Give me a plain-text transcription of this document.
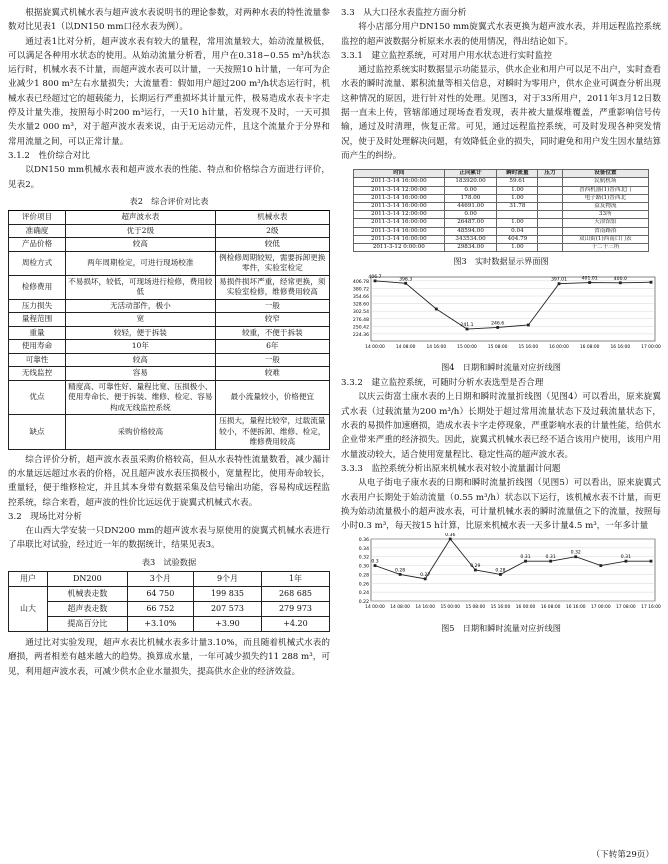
根据旋翼式机械水表与超声波水表说明书的理论参数，对两种水表的特性流量参数对比见表1（以DN150 mm口径水表为例）。

通过表1比对分析，超声波水表有较大的量程，常用流量较大，始动流量极低，可以满足各种用水状态的使用。从始动流量分析看，用户在0.318~0.55 m³/h状态运行时，机械水表不计量，而超声波水表可以计量，一天按照10 h计量，一年可为企业减少1 800 m³左右水量损失；大流量看：假如用户超过200 m³/h状态运行时，机械水表已经超过它的超载能力，长期运行严重损坏其计量元件，极易造成水表卡字走停及计量失准，按照每小时200 m³运行，一天10 h计量，若发现不及时，一天可损失水量2 000 m³，对于超声波水表来说，由于无运动元件，且这个流量介于分界和常用流量之间，可以正常计量。

3.1.2　性价综合对比

以DN150 mm机械水表和超声波水表的性能、特点和价格综合方面进行评价，见表2。

表2　综合评价对比表
评价项目	超声波水表	机械水表
准确度	优于2级	2级
产品价格	较高	较低
周检方式	两年周期检定，可进行现场校准	例检修周期较短，需要拆卸更换零件，实验室检定
检修费用	不易损坏，较低，可现场进行检修，费用较低	易损件损坏严重，经常更换，须实验室检修，维修费用较高
压力损失	无活动部件，极小	一般
量程范围	宽	较窄
重量	较轻，便于拆装	较重，不便于拆装
使用寿命	10年	6年
可靠性	较高	一般
无线监控	容易	较难
优点	精度高、可靠性好、量程比宽、压损极小、使用寿命长、便于拆装、维修、检定、容易构成无线监控系统	最小流量较小，价格便宜
缺点	采购价格较高	压损大，量程比较窄，过载流量较小，不便拆卸、维修、检定，维修费用较高

综合评价分析，超声波水表虽采购价格较高，但从水表特性流量数看，减少漏计的水量远远超过水表的价格，况且超声波水表压损极小，宽量程比，使用寿命较长，重量轻，便于维修检定，并且其本身带有数据采集及信号输出功能，容易构成远程监控系统，综合来看，超声波的性价比远远优于旋翼式机械式水表。

3.2　现场比对分析

在山西大学安装一只DN200 mm的超声波水表与原使用的旋翼式机械水表进行了串联比对试验，经过近一年的数据统计，结果见表3。

表3　试验数据
用户	DN200	3个月	9个月	1年
山大	机械表走数	64 750	199 835	268 685
	超声表走数	66 752	207 573	279 973
	提高百分比	+3.10%	+3.90	+4.20

通过比对实验发现，超声水表比机械水表多计量3.10%，而且随着机械式水表的磨损，两者相差有越来越大的趋势。换算成水量，一年可减少损失约11 288 m³，可见，利用超声波水表，可减少供水企业水量损失，提高供水企业的经济效益。

3.3　从大口径水表监控方面分析

将小店部分用户DN150 mm旋翼式水表更换为超声波水表，并用远程监控系统监控的超声波数据分析原来水表的使用情况，得出结论如下。

3.3.1　建立监控系统，可对用户用水状态进行实时监控

通过监控系统实时数据显示功能显示，供水企业和用户可以足不出户，实时查看水表的瞬时流量、累积流量等相关信息，对瞬时为零用户，供水企业可调查分析出现这种情况的原因，进行针对性的处理。见图3，对于33所用户，2011年3月12日数据一直未上传，管辖部通过现场查看发现，表井被大量煤堆覆盖，严重影响信号传输，通过及时清理，恢复正常。可见，通过远程监控系统，可及时发现各种突发情况，使于及时处理解决问题，有效降低企业的损失，同时避免和用户发生因水量结算而产生的纠纷。

时间	正向累计	瞬时流量	压力	设备位置
2011-3-14 16:00:00	183920.00	59.61		民航机场
2011-3-14 12:00:00	0.00	1.00		晋西机器(1)晋西北门
2011-3-14 16:00:00	178.00	1.00		电子路(1)晋西北
2011-3-14 16:00:00	44691.00	31.78		益友物流
2011-3-14 12:00:00	0.00			33所
2011-3-14 16:00:00	26487.00	1.00		天津馆馆
2011-3-14 16:00:00	48594.00	0.04		省南路浴
2011-3-14 16:00:00	343534.00	404.79		双山街(1)西南口门表
2011-3-12 0:00:00	29834.00	1.00		十二十三所
图3　实时数据显示界面图
406.78
380.72
354.66
328.60
302.54
276.48
250.42
224.36
14 00:00	14 08:00	14 16:00	15 00:00	15 08:00	15 16:00	16 00:00	16 08:00	16 16:00	17 00:00
406.7	398.3
241.1	246.6
397.01	401.01	400.0
图4　日期和瞬时流量对应折线图

3.3.2　建立监控系统，可随时分析水表选型是否合理

以庆云街富士康水表的上日期和瞬时流量折线图（见图4）可以看出，原来旋翼式水表（过载流量为200 m³/h）长期处于超过常用流量状态下及过载流量状态下，水表的易损件加速磨损，造成水表卡字走停现象，严重影响水表的计量性能，给供水企业带来严重的经济损失。因此，旋翼式机械水表已经不适合该用户使用，该用户用水量波动较大，适合使用宽量程比、稳定性高的超声波水表。

3.3.3　监控系统分析出原来机械水表对较小流量漏计问题

从电子街电子康水表的日期和瞬时流量折线图（见图5）可以看出，原来旋翼式水表用户长期处于始动流量（0.55 m³/h）状态以下运行，该机械水表不计量，而更换为始动流量极小的超声波水表，可计量机械水表的瞬时流量值之下的流量，按照每小时0.3 m³，每天按15 h计算，比原来机械水表一天多计量4.5 m³，一年多计量

0.36
0.34
0.32
0.30
0.28
0.26
0.24
0.22
14 00:00 14 08:00 14 16:00 15 00:00 15 08:00 15 16:00 16 00:00 16 08:00 16 16:00 17 00:00 17 08:00 17 16:00
0.3
0.28
0.27
0.36
0.29
0.28
0.31	0.31
0.32
0.31
图5　日期和瞬时流量对应折线图
（下转第29页）
